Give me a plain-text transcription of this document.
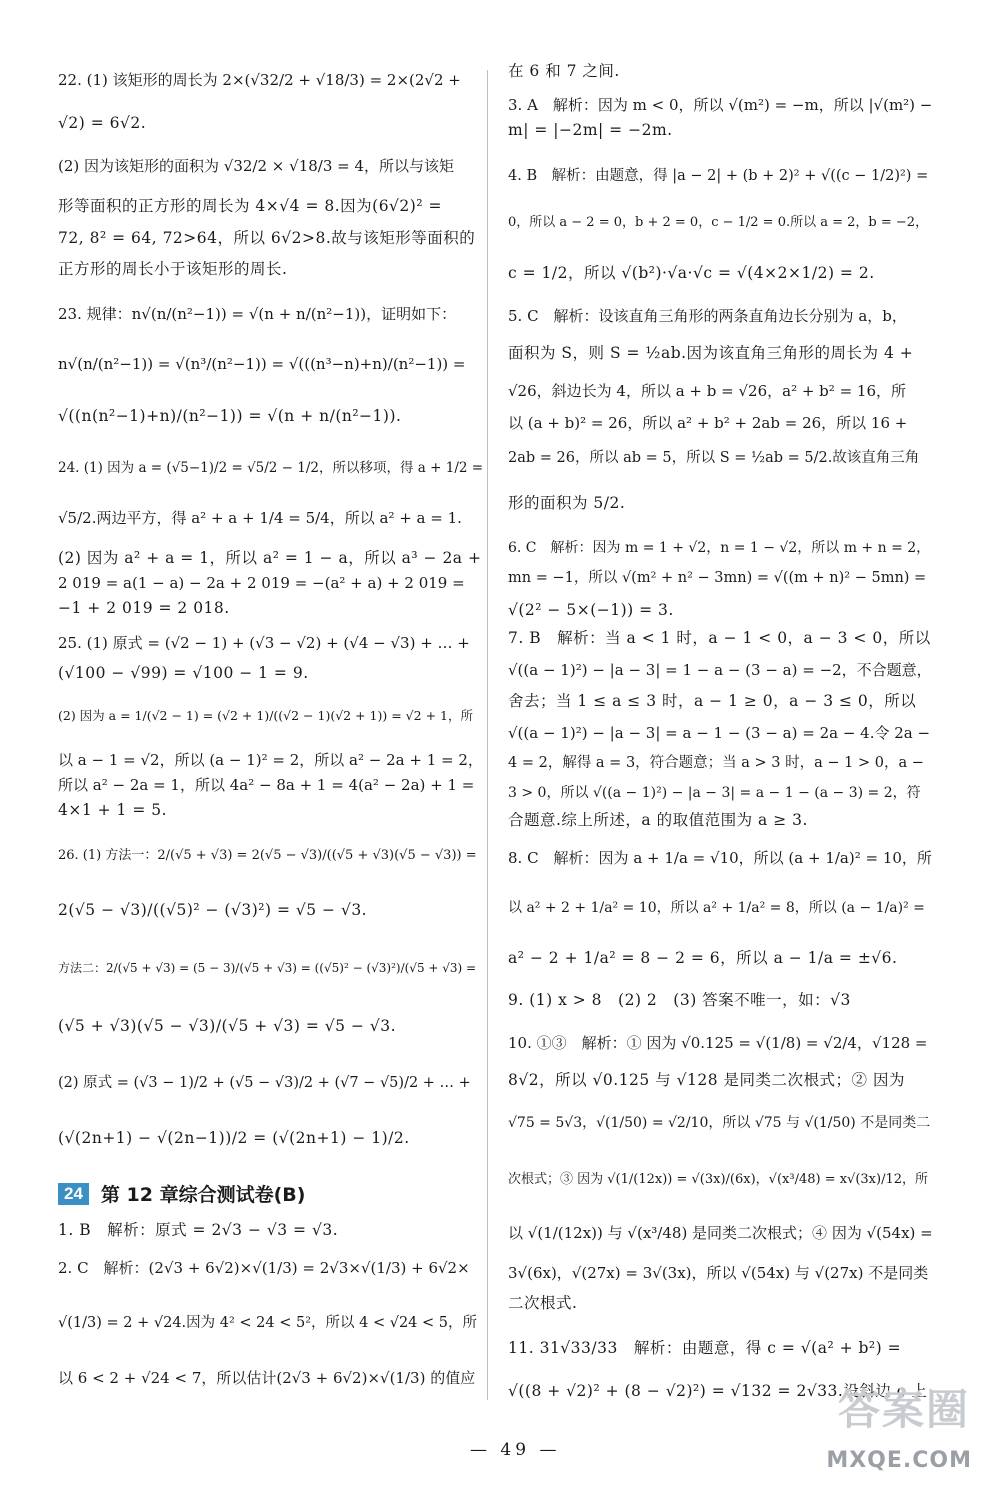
22. (1) 该矩形的周长为 2×(√32/2 + √18/3) = 2×(2√2 +
√2) = 6√2.
(2) 因为该矩形的面积为 √32/2 × √18/3 = 4，所以与该矩
形等面积的正方形的周长为 4×√4 = 8.因为(6√2)² =
72, 8² = 64, 72>64，所以 6√2>8.故与该矩形等面积的
正方形的周长小于该矩形的周长.
23. 规律：n√(n/(n²−1)) = √(n + n/(n²−1))，证明如下：
n√(n/(n²−1)) = √(n³/(n²−1)) = √(((n³−n)+n)/(n²−1)) =
√((n(n²−1)+n)/(n²−1)) = √(n + n/(n²−1)).
24. (1) 因为 a = (√5−1)/2 = √5/2 − 1/2，所以移项，得 a + 1/2 =
√5/2.两边平方，得 a² + a + 1/4 = 5/4，所以 a² + a = 1.
(2) 因为 a² + a = 1，所以 a² = 1 − a，所以 a³ − 2a +
2 019 = a(1 − a) − 2a + 2 019 = −(a² + a) + 2 019 =
−1 + 2 019 = 2 018.
25. (1) 原式 = (√2 − 1) + (√3 − √2) + (√4 − √3) + … +
(√100 − √99) = √100 − 1 = 9.
(2) 因为 a = 1/(√2 − 1) = (√2 + 1)/((√2 − 1)(√2 + 1)) = √2 + 1，所
以 a − 1 = √2，所以 (a − 1)² = 2，所以 a² − 2a + 1 = 2，
所以 a² − 2a = 1，所以 4a² − 8a + 1 = 4(a² − 2a) + 1 =
4×1 + 1 = 5.
26. (1) 方法一：2/(√5 + √3) = 2(√5 − √3)/((√5 + √3)(√5 − √3)) =
2(√5 − √3)/((√5)² − (√3)²) = √5 − √3.
方法二：2/(√5 + √3) = (5 − 3)/(√5 + √3) = ((√5)² − (√3)²)/(√5 + √3) =
(√5 + √3)(√5 − √3)/(√5 + √3) = √5 − √3.
(2) 原式 = (√3 − 1)/2 + (√5 − √3)/2 + (√7 − √5)/2 + … +
(√(2n+1) − √(2n−1))/2 = (√(2n+1) − 1)/2.
1. B　解析：原式 = 2√3 − √3 = √3.
2. C　解析：(2√3 + 6√2)×√(1/3) = 2√3×√(1/3) + 6√2×
√(1/3) = 2 + √24.因为 4² < 24 < 5²，所以 4 < √24 < 5，所
以 6 < 2 + √24 < 7，所以估计(2√3 + 6√2)×√(1/3) 的值应
在 6 和 7 之间.
3. A　解析：因为 m < 0，所以 √(m²) = −m，所以 |√(m²) −
m| = |−2m| = −2m.
4. B　解析：由题意，得 |a − 2| + (b + 2)² + √((c − 1/2)²) =
0，所以 a − 2 = 0，b + 2 = 0，c − 1/2 = 0.所以 a = 2，b = −2，
c = 1/2，所以 √(b²)·√a·√c = √(4×2×1/2) = 2.
5. C　解析：设该直角三角形的两条直角边长分别为 a，b，
面积为 S，则 S = ½ab.因为该直角三角形的周长为 4 +
√26，斜边长为 4，所以 a + b = √26，a² + b² = 16，所
以 (a + b)² = 26，所以 a² + b² + 2ab = 26，所以 16 +
2ab = 26，所以 ab = 5，所以 S = ½ab = 5/2.故该直角三角
形的面积为 5/2.
6. C　解析：因为 m = 1 + √2，n = 1 − √2，所以 m + n = 2，
mn = −1，所以 √(m² + n² − 3mn) = √((m + n)² − 5mn) =
√(2² − 5×(−1)) = 3.
7. B　解析：当 a < 1 时，a − 1 < 0，a − 3 < 0，所以
√((a − 1)²) − |a − 3| = 1 − a − (3 − a) = −2，不合题意，
舍去；当 1 ≤ a ≤ 3 时，a − 1 ≥ 0，a − 3 ≤ 0，所以
√((a − 1)²) − |a − 3| = a − 1 − (3 − a) = 2a − 4.令 2a −
4 = 2，解得 a = 3，符合题意；当 a > 3 时，a − 1 > 0，a −
3 > 0，所以 √((a − 1)²) − |a − 3| = a − 1 − (a − 3) = 2，符
合题意.综上所述，a 的取值范围为 a ≥ 3.
8. C　解析：因为 a + 1/a = √10，所以 (a + 1/a)² = 10，所
以 a² + 2 + 1/a² = 10，所以 a² + 1/a² = 8，所以 (a − 1/a)² =
a² − 2 + 1/a² = 8 − 2 = 6，所以 a − 1/a = ±√6.
9. (1) x > 8　(2) 2　(3) 答案不唯一，如：√3
10. ①③　解析：① 因为 √0.125 = √(1/8) = √2/4，√128 =
8√2，所以 √0.125 与 √128 是同类二次根式；② 因为
√75 = 5√3，√(1/50) = √2/10，所以 √75 与 √(1/50) 不是同类二
次根式；③ 因为 √(1/(12x)) = √(3x)/(6x)，√(x³/48) = x√(3x)/12，所
以 √(1/(12x)) 与 √(x³/48) 是同类二次根式；④ 因为 √(54x) =
3√(6x)，√(27x) = 3√(3x)，所以 √(54x) 与 √(27x) 不是同类
二次根式.
11. 31√33/33　解析：由题意，得 c = √(a² + b²) =
√((8 + √2)² + (8 − √2)²) = √132 = 2√33.设斜边 c 上
24 第 12 章综合测试卷(B)
— 49 —
答案圈
MXQE.COM
